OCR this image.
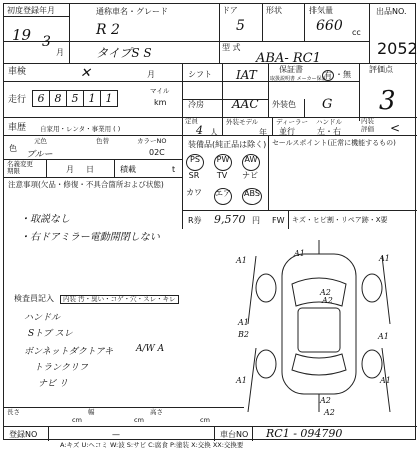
初度登録年月
19 3
月
通称車名・グレード
R 2
タイプS S
ドア
5
形状	排気量
660 cc
型 式
ABA- RC1
出品NO.
2052
車検	✕	月	シフト IAT	保証書
取扱説明書 メーカー保証
有 ・無
評価点
3
走行	6 8 5 1 1
マイル
km	冷房 AAC 外装色 G
車歴 自家用・レンタ・事業用 ( )
定員
4 人
外装モデル
年
ディーラー
並行
ハンドル
左・右
内装
評価 <
色
元色
ブルー
色替	カラーNO
02C
装備品(純正品は除く) セールスポイント(正常に機能するもの)
PS	PW	AW
SR	TV	ナビ
カワ エア ABS
R券 9,570 円 FW キズ・ヒビ割・リペア跡・X要
名義変更期限	月 日	積載	t
注意事項(欠品・修復・不具合箇所および状態)
・取説なし
・右ドアミラー電動開閉しない
検査員記入	内装 汚・臭い・コゲ・穴・スレ・キレ
ハンドル
Sトブ スレ
ボンネットダクトアキ	A/W A
トランクリフ
ナビ リ
A1
A1
A1
A2
A2
A1
B2	A1
A1	A1
A2
A2
長さ
cm
幅
cm
高さ
cm
登録NO	—	車台NO RC1 - 094790
A:キズ U:ヘコミ W:波 S:サビ C:腐食 P:塗装 X:交換 XX:交換要
